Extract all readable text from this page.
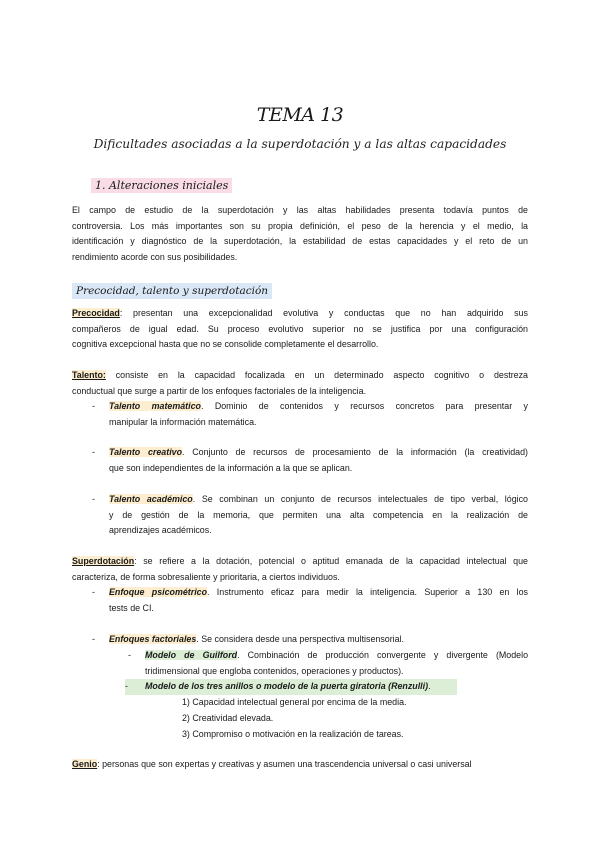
TEMA 13
Dificultades asociadas a la superdotación y a las altas capacidades
1. Alteraciones iniciales
El campo de estudio de la superdotación y las altas habilidades presenta todavía puntos de
controversia. Los más importantes son su propia definición, el peso de la herencia y el medio, la
identificación y diagnóstico de la superdotación, la estabilidad de estas capacidades y el reto de un
rendimiento acorde con sus posibilidades.
Precocidad, talento y superdotación
Precocidad: presentan una excepcionalidad evolutiva y conductas que no han adquirido sus
compañeros de igual edad. Su proceso evolutivo superior no se justifica por una configuración
cognitiva excepcional hasta que no se consolide completamente el desarrollo.
Talento: consiste en la capacidad focalizada en un determinado aspecto cognitivo o destreza
conductual que surge a partir de los enfoques factoriales de la inteligencia.
- Talento matemático. Dominio de contenidos y recursos concretos para presentar y
manipular la información matemática.
- Talento creativo. Conjunto de recursos de procesamiento de la información (la creatividad)
que son independientes de la información a la que se aplican.
- Talento académico. Se combinan un conjunto de recursos intelectuales de tipo verbal, lógico
y de gestión de la memoria, que permiten una alta competencia en la realización de
aprendizajes académicos.
Superdotación: se refiere a la dotación, potencial o aptitud emanada de la capacidad intelectual que
caracteriza, de forma sobresaliente y prioritaria, a ciertos individuos.
- Enfoque psicométrico. Instrumento eficaz para medir la inteligencia. Superior a 130 en los
tests de CI.
- Enfoques factoriales. Se considera desde una perspectiva multisensorial.
- Modelo de Guilford. Combinación de producción convergente y divergente (Modelo
tridimensional que engloba contenidos, operaciones y productos).
- Modelo de los tres anillos o modelo de la puerta giratoria (Renzulli).
1) Capacidad intelectual general por encima de la media.
2) Creatividad elevada.
3) Compromiso o motivación en la realización de tareas.
Genio: personas que son expertas y creativas y asumen una trascendencia universal o casi universal
